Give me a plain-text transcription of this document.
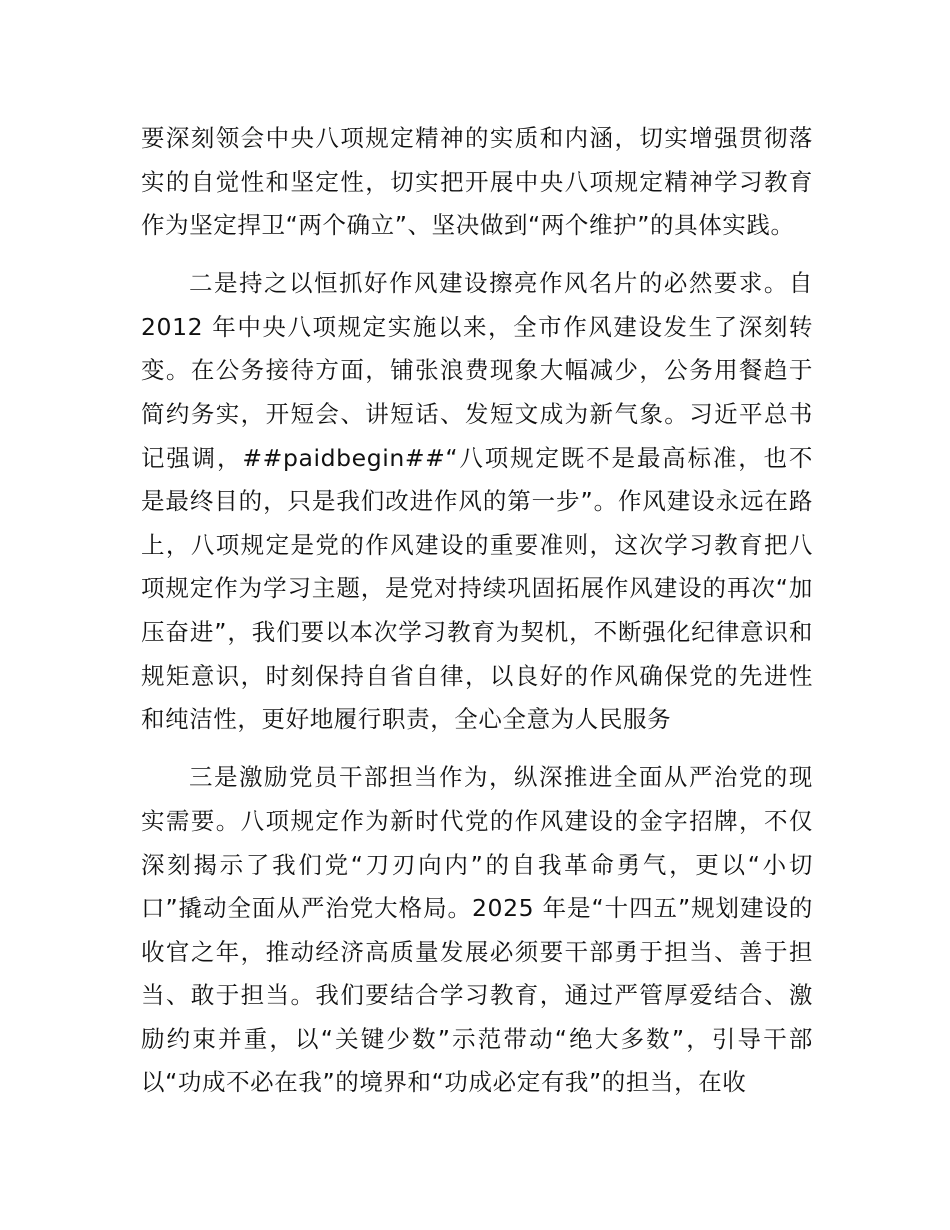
要深刻领会中央八项规定精神的实质和内涵，切实增强贯彻落实的自觉性和坚定性，切实把开展中央八项规定精神学习教育作为坚定捍卫“两个确立”、坚决做到“两个维护”的具体实践。

二是持之以恒抓好作风建设擦亮作风名片的必然要求。自2012 年中央八项规定实施以来，全市作风建设发生了深刻转变。在公务接待方面，铺张浪费现象大幅减少，公务用餐趋于简约务实，开短会、讲短话、发短文成为新气象。习近平总书记强调，##paidbegin##“八项规定既不是最高标准，也不是最终目的，只是我们改进作风的第一步”。作风建设永远在路上，八项规定是党的作风建设的重要准则，这次学习教育把八项规定作为学习主题，是党对持续巩固拓展作风建设的再次“加压奋进”，我们要以本次学习教育为契机，不断强化纪律意识和规矩意识，时刻保持自省自律，以良好的作风确保党的先进性和纯洁性，更好地履行职责，全心全意为人民服务

三是激励党员干部担当作为，纵深推进全面从严治党的现实需要。八项规定作为新时代党的作风建设的金字招牌，不仅深刻揭示了我们党“刀刃向内”的自我革命勇气，更以“小切口”撬动全面从严治党大格局。2025 年是“十四五”规划建设的收官之年，推动经济高质量发展必须要干部勇于担当、善于担当、敢于担当。我们要结合学习教育，通过严管厚爱结合、激励约束并重，以“关键少数”示范带动“绝大多数”，引导干部以“功成不必在我”的境界和“功成必定有我”的担当，在收
